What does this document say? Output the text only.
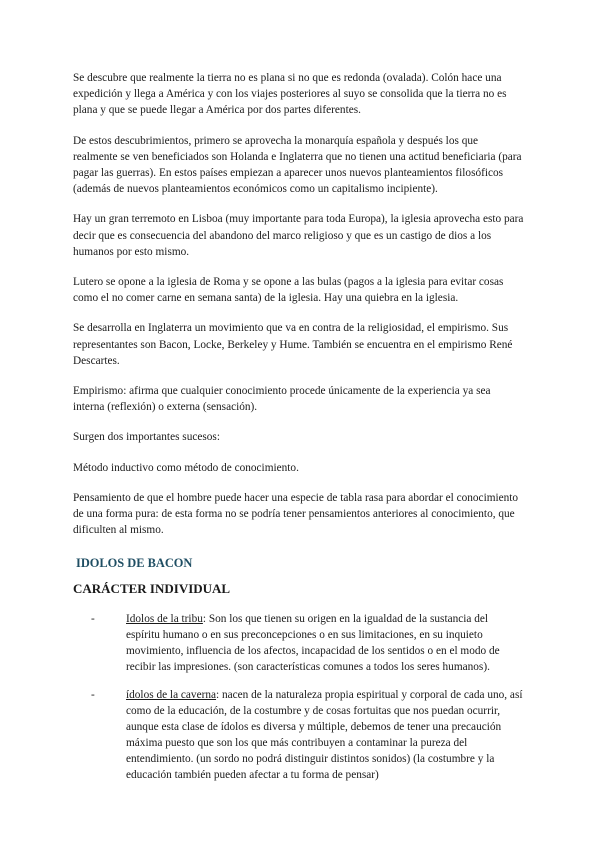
Se descubre que realmente la tierra no es plana si no que es redonda (ovalada). Colón hace una expedición y llega a América y con los viajes posteriores al suyo se consolida que la tierra no es plana y que se puede llegar a América por dos partes diferentes.

De estos descubrimientos, primero se aprovecha la monarquía española y después los que realmente se ven beneficiados son Holanda e Inglaterra que no tienen una actitud beneficiaria (para pagar las guerras). En estos países empiezan a aparecer unos nuevos planteamientos filosóficos (además de nuevos planteamientos económicos como un capitalismo incipiente).

Hay un gran terremoto en Lisboa (muy importante para toda Europa), la iglesia aprovecha esto para decir que es consecuencia del abandono del marco religioso y que es un castigo de dios a los humanos por esto mismo.

Lutero se opone a la iglesia de Roma y se opone a las bulas (pagos a la iglesia para evitar cosas como el no comer carne en semana santa) de la iglesia. Hay una quiebra en la iglesia.

Se desarrolla en Inglaterra un movimiento que va en contra de la religiosidad, el empirismo. Sus representantes son Bacon, Locke, Berkeley y Hume. También se encuentra en el empirismo René Descartes.

Empirismo: afirma que cualquier conocimiento procede únicamente de la experiencia ya sea interna (reflexión) o externa (sensación).

Surgen dos importantes sucesos:

Método inductivo como método de conocimiento.

Pensamiento de que el hombre puede hacer una especie de tabla rasa para abordar el conocimiento de una forma pura: de esta forma no se podría tener pensamientos anteriores al conocimiento, que dificulten al mismo.

IDOLOS DE BACON
CARÁCTER INDIVIDUAL
-	Idolos de la tribu: Son los que tienen su origen en la igualdad de la sustancia del espíritu humano o en sus preconcepciones o en sus limitaciones, en su inquieto movimiento, influencia de los afectos, incapacidad de los sentidos o en el modo de recibir las impresiones. (son características comunes a todos los seres humanos).
-	ídolos de la caverna: nacen de la naturaleza propia espiritual y corporal de cada uno, así como de la educación, de la costumbre y de cosas fortuitas que nos puedan ocurrir, aunque esta clase de ídolos es diversa y múltiple, debemos de tener una precaución máxima puesto que son los que más contribuyen a contaminar la pureza del entendimiento. (un sordo no podrá distinguir distintos sonidos) (la costumbre y la educación también pueden afectar a tu forma de pensar)
